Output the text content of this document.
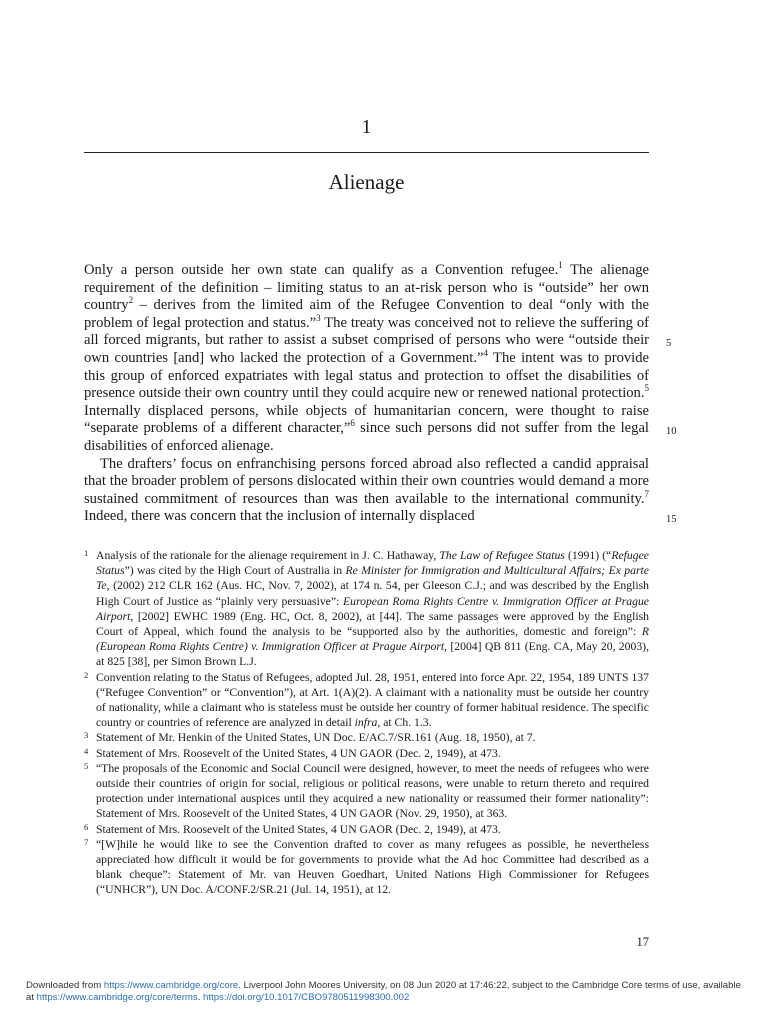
1
Alienage

Only a person outside her own state can qualify as a Convention refugee.$^1$ The alienage requirement of the definition – limiting status to an at-risk person who is “outside” her own country$^2$ – derives from the limited aim of the Refugee Convention to deal “only with the problem of legal protection and status.”$^3$ The treaty was conceived not to relieve the suffering of all forced migrants, but rather to assist a subset comprised of persons who were “outside their own countries [and] who lacked the protection of a Government.”$^4$ The intent was to provide this group of enforced expatriates with legal status and protection to offset the disabilities of presence outside their own country until they could acquire new or renewed national protection.$^5$ Internally displaced persons, while objects of humanitarian concern, were thought to raise “separate problems of a different character,”$^6$ since such persons did not suffer from the legal disabilities of enforced alienage.

The drafters’ focus on enfranchising persons forced abroad also reflected a candid appraisal that the broader problem of persons dislocated within their own countries would demand a more sustained commitment of resources than was then available to the international community.$^7$ Indeed, there was concern that the inclusion of internally displaced

5
10
15
1 Analysis of the rationale for the alienage requirement in J. C. Hathaway, The Law of Refugee Status (1991) (“Refugee Status”) was cited by the High Court of Australia in Re Minister for Immigration and Multicultural Affairs; Ex parte Te, (2002) 212 CLR 162 (Aus. HC, Nov. 7, 2002), at 174 n. 54, per Gleeson C.J.; and was described by the English High Court of Justice as “plainly very persuasive”: European Roma Rights Centre v. Immigration Officer at Prague Airport, [2002] EWHC 1989 (Eng. HC, Oct. 8, 2002), at [44]. The same passages were approved by the English Court of Appeal, which found the analysis to be “supported also by the authorities, domestic and foreign”: R (European Roma Rights Centre) v. Immigration Officer at Prague Airport, [2004] QB 811 (Eng. CA, May 20, 2003), at 825 [38], per Simon Brown L.J.
2 Convention relating to the Status of Refugees, adopted Jul. 28, 1951, entered into force Apr. 22, 1954, 189 UNTS 137 (“Refugee Convention” or “Convention”), at Art. 1(A)(2). A claimant with a nationality must be outside her country of nationality, while a claimant who is stateless must be outside her country of former habitual residence. The specific country or countries of reference are analyzed in detail infra, at Ch. 1.3.
3 Statement of Mr. Henkin of the United States, UN Doc. E/AC.7/SR.161 (Aug. 18, 1950), at 7.
4 Statement of Mrs. Roosevelt of the United States, 4 UN GAOR (Dec. 2, 1949), at 473.
5 “The proposals of the Economic and Social Council were designed, however, to meet the needs of refugees who were outside their countries of origin for social, religious or political reasons, were unable to return thereto and required protection under international auspices until they acquired a new nationality or reassumed their former nationality”: Statement of Mrs. Roosevelt of the United States, 4 UN GAOR (Nov. 29, 1950), at 363.
6 Statement of Mrs. Roosevelt of the United States, 4 UN GAOR (Dec. 2, 1949), at 473.
7 “[W]hile he would like to see the Convention drafted to cover as many refugees as possible, he nevertheless appreciated how difficult it would be for governments to provide what the Ad hoc Committee had described as a blank cheque”: Statement of Mr. van Heuven Goedhart, United Nations High Commissioner for Refugees (“UNHCR”), UN Doc. A/CONF.2/SR.21 (Jul. 14, 1951), at 12.
17
Downloaded from https://www.cambridge.org/core. Liverpool John Moores University, on 08 Jun 2020 at 17:46:22, subject to the Cambridge Core terms of use, available at https://www.cambridge.org/core/terms. https://doi.org/10.1017/CBO9780511998300.002
